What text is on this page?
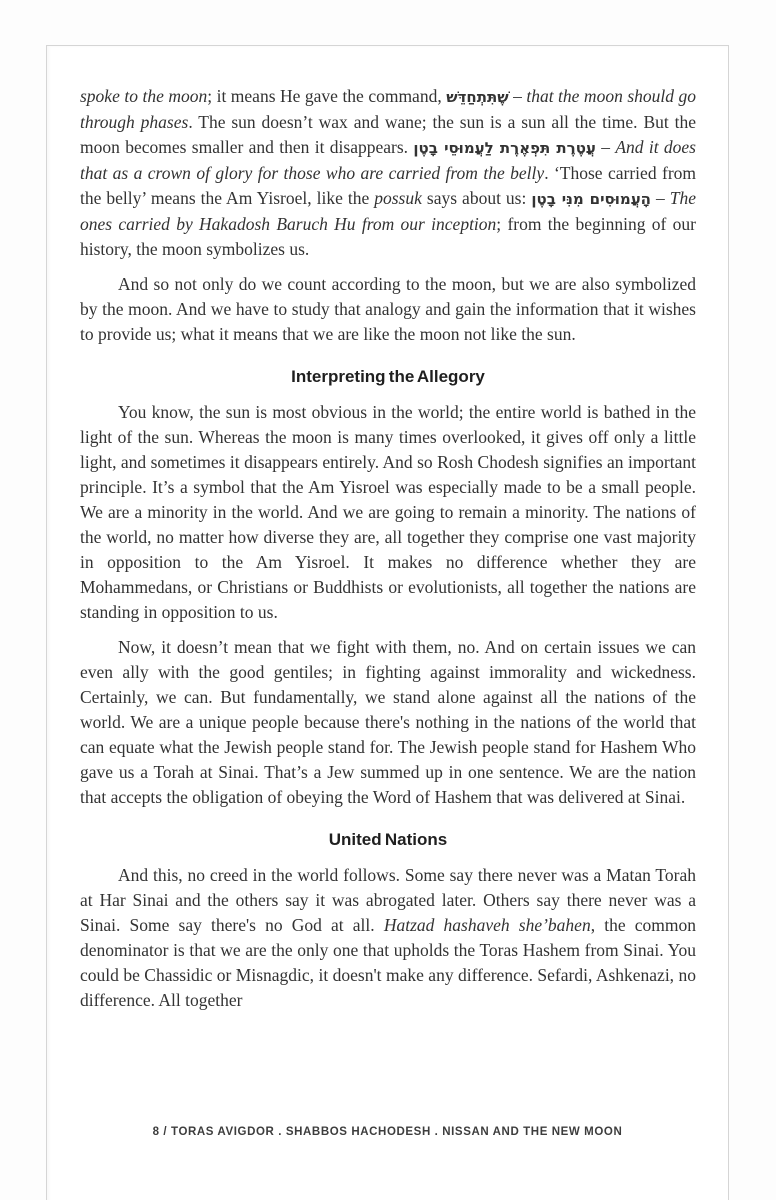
spoke to the moon; it means He gave the command, שֶׁתִּתְחַדֵּשׁ – that the moon should go through phases. The sun doesn’t wax and wane; the sun is a sun all the time. But the moon becomes smaller and then it disappears. עֲטֶרֶת תִּפְאֶרֶת לַעֲמוּסֵי בָטֶן – And it does that as a crown of glory for those who are carried from the belly. ‘Those carried from the belly’ means the Am Yisroel, like the possuk says about us: הָעֲמוּסִים מִנִּי בָטֶן – The ones carried by Hakadosh Baruch Hu from our inception; from the beginning of our history, the moon symbolizes us.

And so not only do we count according to the moon, but we are also symbolized by the moon. And we have to study that analogy and gain the information that it wishes to provide us; what it means that we are like the moon not like the sun.

Interpreting the Allegory

You know, the sun is most obvious in the world; the entire world is bathed in the light of the sun. Whereas the moon is many times overlooked, it gives off only a little light, and sometimes it disappears entirely. And so Rosh Chodesh signifies an important principle. It’s a symbol that the Am Yisroel was especially made to be a small people. We are a minority in the world. And we are going to remain a minority. The nations of the world, no matter how diverse they are, all together they comprise one vast majority in opposition to the Am Yisroel. It makes no difference whether they are Mohammedans, or Christians or Buddhists or evolutionists, all together the nations are standing in opposition to us.

Now, it doesn’t mean that we fight with them, no. And on certain issues we can even ally with the good gentiles; in fighting against immorality and wickedness. Certainly, we can. But fundamentally, we stand alone against all the nations of the world. We are a unique people because there's nothing in the nations of the world that can equate what the Jewish people stand for. The Jewish people stand for Hashem Who gave us a Torah at Sinai. That’s a Jew summed up in one sentence. We are the nation that accepts the obligation of obeying the Word of Hashem that was delivered at Sinai.

United Nations

And this, no creed in the world follows. Some say there never was a Matan Torah at Har Sinai and the others say it was abrogated later. Others say there never was a Sinai. Some say there's no God at all. Hatzad hashaveh she’bahen, the common denominator is that we are the only one that upholds the Toras Hashem from Sinai. You could be Chassidic or Misnagdic, it doesn't make any difference. Sefardi, Ashkenazi, no difference. All together

8 / TORAS AVIGDOR . SHABBOS HACHODESH . NISSAN AND THE NEW MOON
